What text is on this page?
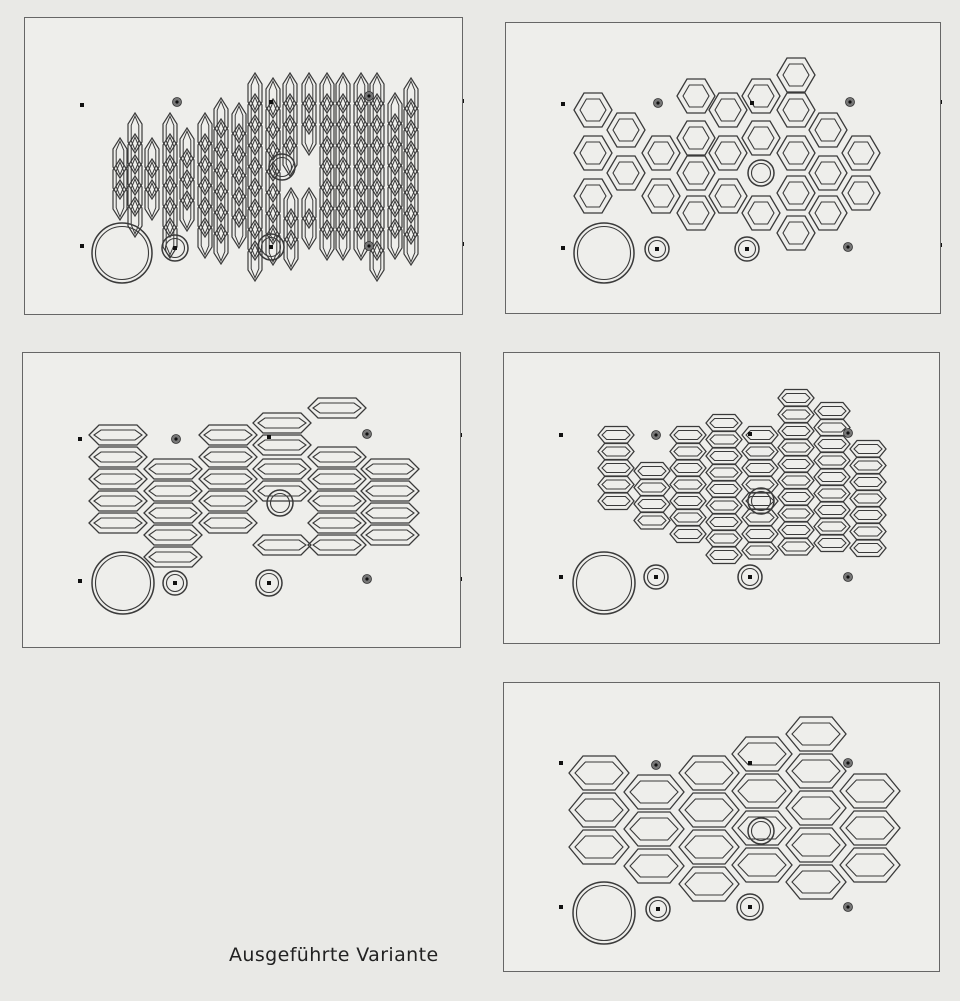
Ausgeführte Variante
